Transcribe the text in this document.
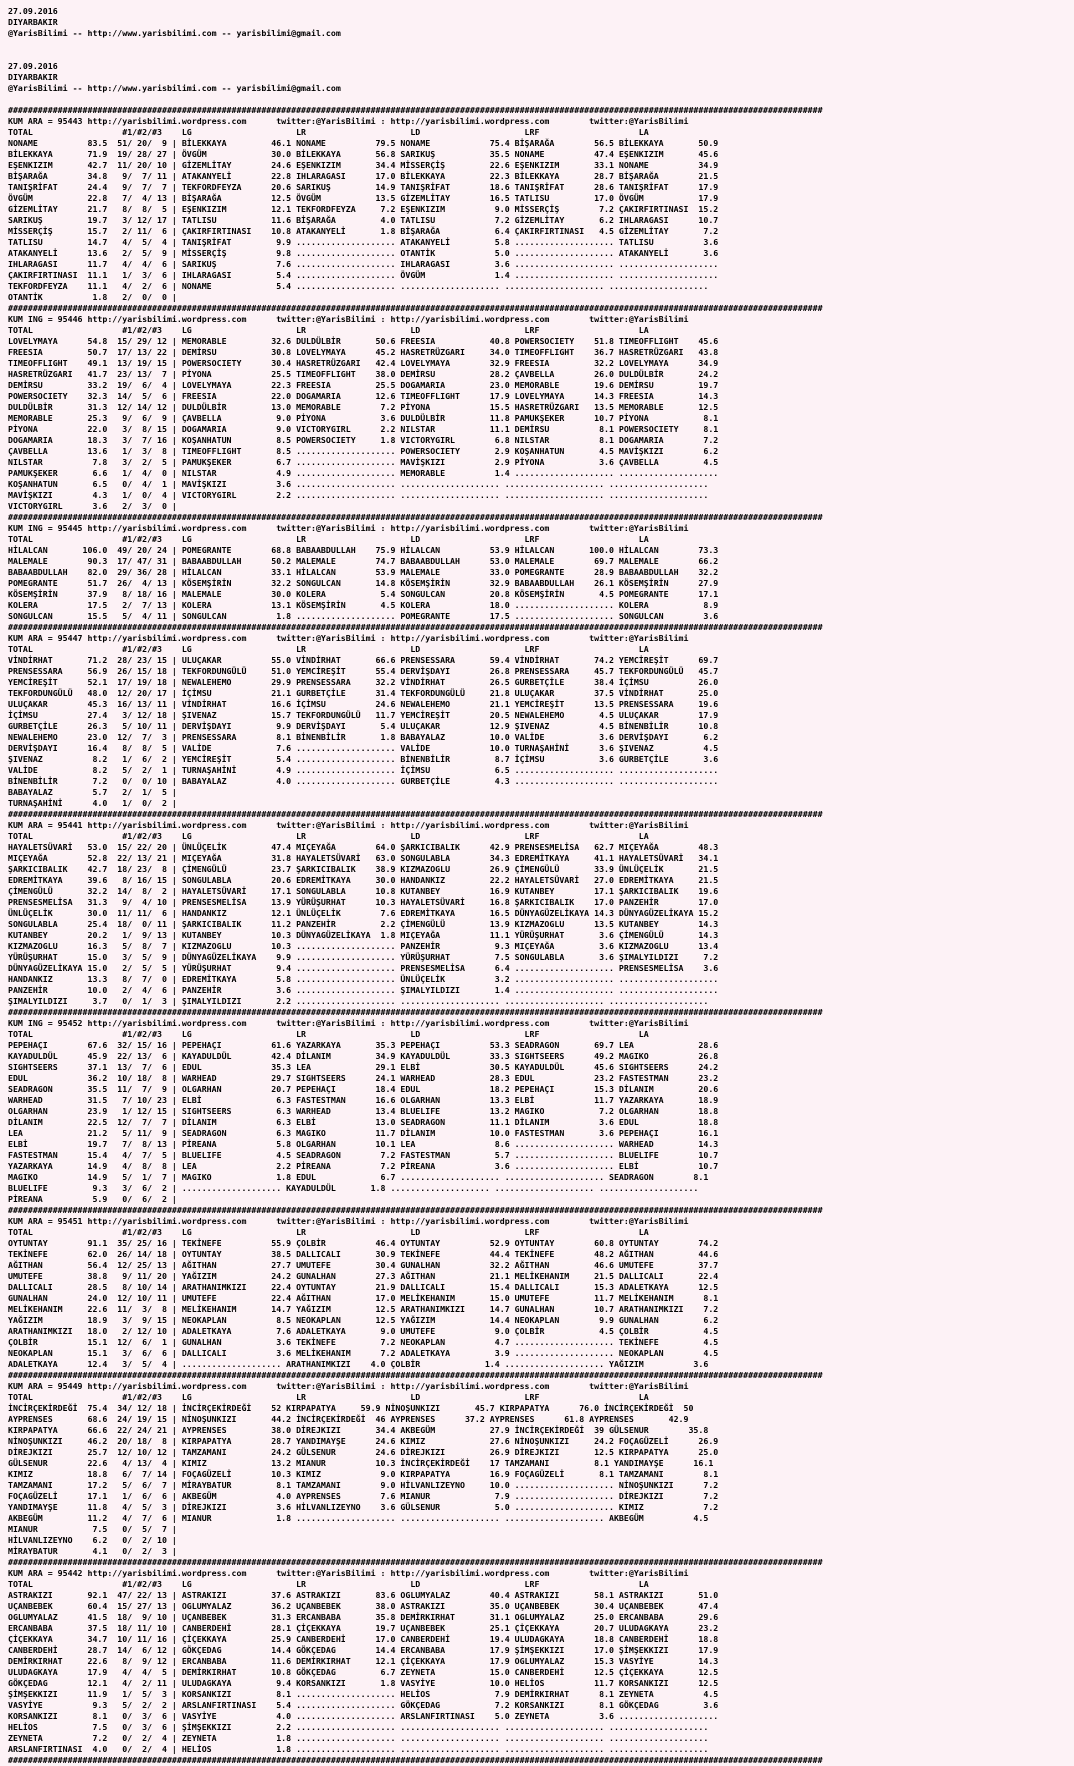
27.09.2016
DIYARBAKIR
@YarisBilimi -- http://www.yarisbilimi.com -- yarisbilimi@gmail.com

27.09.2016
DIYARBAKIR
@YarisBilimi -- http://www.yarisbilimi.com -- yarisbilimi@gmail.com

####################################################################################################################################################################
KUM ARA = 95443 http://yarisbilimi.wordpress.com      twitter:@YarisBilimi : http://yarisbilimi.wordpress.com        twitter:@YarisBilimi
TOTAL                  #1/#2/#3    LG                     LR                     LD                     LRF                    LA
NONAME          83.5  51/ 20/  9 | BİLEKKAYA         46.1 NONAME          79.5 NONAME            75.4 BİŞARAĞA        56.5 BİLEKKAYA       50.9
BİLEKKAYA       71.9  19/ 28/ 27 | ÖVGÜM             30.0 BİLEKKAYA       56.8 SARIKUŞ           35.5 NONAME          47.4 EŞENKIZIM       45.6
EŞENKIZIM       42.7  11/ 20/ 10 | GİZEMLİTAY        24.6 EŞENKIZIM       34.4 MİSSERÇİŞ         22.6 EŞENKIZIM       33.1 NONAME          34.9
BİŞARAĞA        34.8   9/  7/ 11 | ATAKANYELİ        22.8 IHLARAGASI      17.0 BİLEKKAYA         22.3 BİLEKKAYA       28.7 BİŞARAĞA        21.5
TANIŞRİFAT      24.4   9/  7/  7 | TEKFORDFEYZA      20.6 SARIKUŞ         14.9 TANIŞRİFAT        18.6 TANIŞRİFAT      28.6 TANIŞRİFAT      17.9
ÖVGÜM           22.8   7/  4/ 13 | BİŞARAĞA          12.5 ÖVGÜM           13.5 GİZEMLİTAY        16.5 TATLISU         17.0 ÖVGÜM           17.9
GİZEMLİTAY      21.7   8/  8/  5 | EŞENKIZIM         12.1 TEKFORDFEYZA     7.2 EŞENKIZIM          9.0 MİSSERÇİŞ        7.2 ÇAKIRFIRTINASI  15.2
SARIKUŞ         19.7   3/ 12/ 17 | TATLISU           11.6 BİŞARAĞA         4.0 TATLISU            7.2 GİZEMLİTAY       6.2 IHLARAGASI      10.7
MİSSERÇİŞ       15.7   2/ 11/  6 | ÇAKIRFIRTINASI    10.8 ATAKANYELİ       1.8 BİŞARAĞA           6.4 ÇAKIRFIRTINASI   4.5 GİZEMLİTAY       7.2
TATLISU         14.7   4/  5/  4 | TANIŞRİFAT         9.9 .................... ATAKANYELİ         5.8 .................... TATLISU          3.6
ATAKANYELİ      13.6   2/  5/  9 | MİSSERÇİŞ          9.8 .................... OTANTİK            5.0 .................... ATAKANYELİ       3.6
IHLARAGASI      11.7   4/  4/  6 | SARIKUŞ            7.6 .................... IHLARAGASI         3.6 .................... ....................
ÇAKIRFIRTINASI  11.1   1/  3/  6 | IHLARAGASI         5.4 .................... ÖVGÜM              1.4 .................... ....................
TEKFORDFEYZA    11.1   4/  2/  6 | NONAME             5.4 .................... .................... .................... ....................
OTANTİK          1.8   2/  0/  0 |
####################################################################################################################################################################
KUM ING = 95446 http://yarisbilimi.wordpress.com      twitter:@YarisBilimi : http://yarisbilimi.wordpress.com        twitter:@YarisBilimi
TOTAL                  #1/#2/#3    LG                     LR                     LD                     LRF                    LA
LOVELYMAYA      54.8  15/ 29/ 12 | MEMORABLE         32.6 DULDÜLBİR       50.6 FREESIA           40.8 POWERSOCIETY    51.8 TIMEOFFLIGHT    45.6
FREESIA         50.7  17/ 13/ 22 | DEMİRSU           30.8 LOVELYMAYA      45.2 HASRETRÜZGARI     34.0 TIMEOFFLIGHT    36.7 HASRETRÜZGARI   43.8
TIMEOFFLIGHT    49.1  13/ 19/ 15 | POWERSOCIETY      30.4 HASRETRÜZGARI   42.4 LOVELYMAYA        32.9 FREESIA         32.2 LOVELYMAYA      34.9
HASRETRÜZGARI   41.7  23/ 13/  7 | PİYONA            25.5 TIMEOFFLIGHT    38.0 DEMİRSU           28.2 ÇAVBELLA        26.0 DULDÜLBİR       24.2
DEMİRSU         33.2  19/  6/  4 | LOVELYMAYA        22.3 FREESIA         25.5 DOGAMARIA         23.0 MEMORABLE       19.6 DEMİRSU         19.7
POWERSOCIETY    32.3  14/  5/  6 | FREESIA           22.0 DOGAMARIA       12.6 TIMEOFFLIGHT      17.9 LOVELYMAYA      14.3 FREESIA         14.3
DULDÜLBİR       31.3  12/ 14/ 12 | DULDÜLBİR         13.0 MEMORABLE        7.2 PİYONA            15.5 HASRETRÜZGARI   13.5 MEMORABLE       12.5
MEMORABLE       25.3   9/  6/  9 | ÇAVBELLA           9.0 PİYONA           3.6 DULDÜLBİR         11.8 PAMUKŞEKER      10.7 PİYONA           8.1
PİYONA          22.0   3/  8/ 15 | DOGAMARIA          9.0 VICTORYGIRL      2.2 NILSTAR           11.1 DEMİRSU          8.1 POWERSOCIETY     8.1
DOGAMARIA       18.3   3/  7/ 16 | KOŞANHATUN         8.5 POWERSOCIETY     1.8 VICTORYGIRL        6.8 NILSTAR          8.1 DOGAMARIA        7.2
ÇAVBELLA        13.6   1/  3/  8 | TIMEOFFLIGHT       8.5 .................... POWERSOCIETY       2.9 KOŞANHATUN       4.5 MAVİŞKIZI        6.2
NILSTAR          7.8   3/  2/  5 | PAMUKŞEKER         6.7 .................... MAVİŞKIZI          2.9 PİYONA           3.6 ÇAVBELLA         4.5
PAMUKŞEKER       6.6   1/  4/  0 | NILSTAR            4.9 .................... MEMORABLE          1.4 .................... ....................
KOŞANHATUN       6.5   0/  4/  1 | MAVİŞKIZI          3.6 .................... .................... .................... ....................
MAVİŞKIZI        4.3   1/  0/  4 | VICTORYGIRL        2.2 .................... .................... .................... ....................
VICTORYGIRL      3.6   2/  3/  0 |
####################################################################################################################################################################
KUM ING = 95445 http://yarisbilimi.wordpress.com      twitter:@YarisBilimi : http://yarisbilimi.wordpress.com        twitter:@YarisBilimi
TOTAL                  #1/#2/#3    LG                     LR                     LD                     LRF                    LA
HİLALCAN       106.0  49/ 20/ 24 | POMEGRANTE        68.8 BABAABDULLAH    75.9 HİLALCAN          53.9 HİLALCAN       100.0 HİLALCAN        73.3
MALEMALE        90.3  17/ 47/ 31 | BABAABDULLAH      50.2 MALEMALE        74.7 BABAABDULLAH      53.0 MALEMALE        69.7 MALEMALE        66.2
BABAABDULLAH    82.0  29/ 36/ 28 | HİLALCAN          33.1 HİLALCAN        53.9 MALEMALE          33.0 POMEGRANTE      28.9 BABAABDULLAH    32.2
POMEGRANTE      51.7  26/  4/ 13 | KÖSEMŞİRİN        32.2 SONGULCAN       14.8 KÖSEMŞİRİN        32.9 BABAABDULLAH    26.1 KÖSEMŞİRİN      27.9
KÖSEMŞİRİN      37.9   8/ 18/ 16 | MALEMALE          30.0 KOLERA           5.4 SONGULCAN         20.8 KÖSEMŞİRİN       4.5 POMEGRANTE      17.1
KOLERA          17.5   2/  7/ 13 | KOLERA            13.1 KÖSEMŞİRİN       4.5 KOLERA            18.0 .................... KOLERA           8.9
SONGULCAN       15.5   5/  4/ 11 | SONGULCAN          1.8 .................... POMEGRANTE        17.5 .................... SONGULCAN        3.6
####################################################################################################################################################################
KUM ARA = 95447 http://yarisbilimi.wordpress.com      twitter:@YarisBilimi : http://yarisbilimi.wordpress.com        twitter:@YarisBilimi
TOTAL                  #1/#2/#3    LG                     LR                     LD                     LRF                    LA
VİNDİRHAT       71.2  28/ 23/ 15 | ULUÇAKAR          55.0 VİNDİRHAT       66.6 PRENSESSARA       59.4 VİNDİRHAT       74.2 YEMCİREŞİT      69.7
PRENSESSARA     56.9  26/ 15/ 18 | TEKFORDUNGÜLÜ     51.0 YEMCİREŞİT      55.4 DERVİŞDAYI        26.8 PRENSESSARA     45.7 TEKFORDUNGÜLÜ   45.7
YEMCİREŞİT      52.1  17/ 19/ 18 | NEWALEHEMO        29.9 PRENSESSARA     32.2 VİNDİRHAT         26.5 GURBETÇİLE      38.4 İÇİMSU          26.0
TEKFORDUNGÜLÜ   48.0  12/ 20/ 17 | İÇİMSU            21.1 GURBETÇİLE      31.4 TEKFORDUNGÜLÜ     21.8 ULUÇAKAR        37.5 VİNDİRHAT       25.0
ULUÇAKAR        45.3  16/ 13/ 11 | VİNDİRHAT         16.6 İÇİMSU          24.6 NEWALEHEMO        21.1 YEMCİREŞİT      13.5 PRENSESSARA     19.6
İÇİMSU          27.4   3/ 12/ 18 | ŞIVENAZ           15.7 TEKFORDUNGÜLÜ   11.7 YEMCİREŞİT        20.5 NEWALEHEMO       4.5 ULUÇAKAR        17.9
GURBETÇİLE      26.3   5/ 10/ 11 | DERVİŞDAYI         9.9 DERVİŞDAYI       5.4 ULUÇAKAR          12.9 ŞIVENAZ          4.5 BİNENBİLİR      10.8
NEWALEHEMO      23.0  12/  7/  3 | PRENSESSARA        8.1 BİNENBİLİR       1.8 BABAYALAZ         10.0 VALİDE           3.6 DERVİŞDAYI       6.2
DERVİŞDAYI      16.4   8/  8/  5 | VALİDE             7.6 .................... VALİDE            10.0 TURNAŞAHİNİ      3.6 ŞIVENAZ          4.5
ŞIVENAZ          8.2   1/  6/  2 | YEMCİREŞİT         5.4 .................... BİNENBİLİR         8.7 İÇİMSU           3.6 GURBETÇİLE       3.6
VALİDE           8.2   5/  2/  1 | TURNAŞAHİNİ        4.9 .................... İÇİMSU             6.5 .................... ....................
BİNENBİLİR       7.2   0/  0/ 10 | BABAYALAZ          4.0 .................... GURBETÇİLE         4.3 .................... ....................
BABAYALAZ        5.7   2/  1/  5 |
TURNAŞAHİNİ      4.0   1/  0/  2 |
####################################################################################################################################################################
KUM ARA = 95441 http://yarisbilimi.wordpress.com      twitter:@YarisBilimi : http://yarisbilimi.wordpress.com        twitter:@YarisBilimi
TOTAL                  #1/#2/#3    LG                     LR                     LD                     LRF                    LA
HAYALETSÜVARİ   53.0  15/ 22/ 20 | ÜNLÜÇELİK         47.4 MIÇEYAĞA        64.0 ŞARKICIBALIK      42.9 PRENSESMELİSA   62.7 MIÇEYAĞA        48.3
MIÇEYAĞA        52.8  22/ 13/ 21 | MIÇEYAĞA          31.8 HAYALETSÜVARİ   63.0 SONGULABLA        34.3 EDREMİTKAYA     41.1 HAYALETSÜVARİ   34.1
ŞARKICIBALIK    42.7  18/ 23/  8 | ÇİMENGÜLÜ         23.7 ŞARKICIBALIK    38.9 KIZMAZOGLU        26.9 ÇİMENGÜLÜ       33.9 ÜNLÜÇELİK       21.5
EDREMİTKAYA     39.6   8/ 16/ 15 | SONGULABLA        20.6 EDREMİTKAYA     30.0 HANDANKIZ         22.2 HAYALETSÜVARİ   27.0 EDREMİTKAYA     21.5
ÇİMENGÜLÜ       32.2  14/  8/  2 | HAYALETSÜVARİ     17.1 SONGULABLA      10.8 KUTANBEY          16.9 KUTANBEY        17.1 ŞARKICIBALIK    19.6
PRENSESMELİSA   31.3   9/  4/ 10 | PRENSESMELİSA     13.9 YÜRÜŞURHAT      10.3 HAYALETSÜVARİ     16.8 ŞARKICIBALIK    17.0 PANZEHİR        17.0
ÜNLÜÇELİK       30.0  11/ 11/  6 | HANDANKIZ         12.1 ÜNLÜÇELİK        7.6 EDREMİTKAYA       16.5 DÜNYAGÜZELİKAYA 14.3 DÜNYAGÜZELİKAYA 15.2
SONGULABLA      25.4  18/  0/ 11 | ŞARKICIBALIK      11.2 PANZEHİR         2.2 ÇİMENGÜLÜ         13.9 KIZMAZOGLU      13.5 KUTANBEY        14.3
KUTANBEY        20.2   1/  9/ 13 | KUTANBEY          10.3 DÜNYAGÜZELİKAYA  1.8 MIÇEYAĞA          11.1 YÜRÜŞURHAT       3.6 ÇİMENGÜLÜ       14.3
KIZMAZOGLU      16.3   5/  8/  7 | KIZMAZOGLU        10.3 .................... PANZEHİR           9.3 MIÇEYAĞA         3.6 KIZMAZOGLU      13.4
YÜRÜŞURHAT      15.0   3/  5/  9 | DÜNYAGÜZELİKAYA    9.9 .................... YÜRÜŞURHAT         7.5 SONGULABLA       3.6 ŞIMALYILDIZI     7.2
DÜNYAGÜZELİKAYA 15.0   2/  5/  5 | YÜRÜŞURHAT         9.4 .................... PRENSESMELİSA      6.4 .................... PRENSESMELİSA    3.6
HANDANKIZ       13.3   8/  7/  0 | EDREMİTKAYA        5.8 .................... ÜNLÜÇELİK          3.2 .................... ....................
PANZEHİR        10.0   2/  4/  6 | PANZEHİR           3.6 .................... ŞIMALYILDIZI       1.4 .................... ....................
ŞIMALYILDIZI     3.7   0/  1/  3 | ŞIMALYILDIZI       2.2 .................... .................... .................... ....................
####################################################################################################################################################################
KUM ING = 95452 http://yarisbilimi.wordpress.com      twitter:@YarisBilimi : http://yarisbilimi.wordpress.com        twitter:@YarisBilimi
TOTAL                  #1/#2/#3    LG                     LR                     LD                     LRF                    LA
PEPEHAÇI        67.6  32/ 15/ 16 | PEPEHAÇI          61.6 YAZARKAYA       35.3 PEPEHAÇI          53.3 SEADRAGON       69.7 LEA             28.6
KAYADULDÜL      45.9  22/ 13/  6 | KAYADULDÜL        42.4 DİLANIM         34.9 KAYADULDÜL        33.3 SIGHTSEERS      49.2 MAGIKO          26.8
SIGHTSEERS      37.1  13/  7/  6 | EDUL              35.3 LEA             29.1 ELBİ              30.5 KAYADULDÜL      45.6 SIGHTSEERS      24.2
EDUL            36.2  10/ 18/  8 | WARHEAD           29.7 SIGHTSEERS      24.1 WARHEAD           28.3 EDUL            23.2 FASTESTMAN      23.2
SEADRAGON       35.5  11/  7/  9 | OLGARHAN          20.7 PEPEHAÇI        18.4 EDUL              18.2 PEPEHAÇI        15.3 DİLANIM         20.6
WARHEAD         31.5   7/ 10/ 23 | ELBİ               6.3 FASTESTMAN      16.6 OLGARHAN          13.3 ELBİ            11.7 YAZARKAYA       18.9
OLGARHAN        23.9   1/ 12/ 15 | SIGHTSEERS         6.3 WARHEAD         13.4 BLUELIFE          13.2 MAGIKO           7.2 OLGARHAN        18.8
DİLANIM         22.5  12/  7/  7 | DİLANIM            6.3 ELBİ            13.0 SEADRAGON         11.1 DİLANIM          3.6 EDUL            18.8
LEA             21.2   5/ 11/  9 | SEADRAGON          6.3 MAGIKO          11.7 DİLANIM           10.0 FASTESTMAN       3.6 PEPEHAÇI        16.1
ELBİ            19.7   7/  8/ 13 | PİREANA            5.8 OLGARHAN        10.1 LEA                8.6 .................... WARHEAD         14.3
FASTESTMAN      15.4   4/  7/  5 | BLUELIFE           4.5 SEADRAGON        7.2 FASTESTMAN         5.7 .................... BLUELIFE        10.7
YAZARKAYA       14.9   4/  8/  8 | LEA                2.2 PİREANA          7.2 PİREANA            3.6 .................... ELBİ            10.7
MAGIKO          14.9   5/  1/  7 | MAGIKO             1.8 EDUL             6.7 .................... .................... SEADRAGON        8.1
BLUELIFE         9.3   3/  6/  2 | .................... KAYADULDÜL       1.8 .................... .................... ....................
PİREANA          5.9   0/  6/  2 |
####################################################################################################################################################################
KUM ARA = 95451 http://yarisbilimi.wordpress.com      twitter:@YarisBilimi : http://yarisbilimi.wordpress.com        twitter:@YarisBilimi
TOTAL                  #1/#2/#3    LG                     LR                     LD                     LRF                    LA
OYTUNTAY        91.1  35/ 25/ 16 | TEKİNEFE          55.9 ÇOLBİR          46.4 OYTUNTAY          52.9 OYTUNTAY        60.8 OYTUNTAY        74.2
TEKİNEFE        62.0  26/ 14/ 18 | OYTUNTAY          38.5 DALLICALI       30.9 TEKİNEFE          44.4 TEKİNEFE        48.2 AĞITHAN         44.6
AĞITHAN         56.4  12/ 25/ 13 | AĞITHAN           27.7 UMUTEFE         30.4 GUNALHAN          32.2 AĞITHAN         46.6 UMUTEFE         37.7
UMUTEFE         38.8   9/ 11/ 20 | YAĞIZIM           24.2 GUNALHAN        27.3 AĞITHAN           21.1 MELİKEHANIM     21.5 DALLICALI       22.4
DALLICALI       28.5   8/ 10/ 14 | ARATHANIMKIZI     22.4 OYTUNTAY        21.9 DALLICALI         15.4 DALLICALI       15.3 ADALETKAYA      12.5
GUNALHAN        24.0  12/ 10/ 11 | UMUTEFE           22.4 AĞITHAN         17.0 MELİKEHANIM       15.0 UMUTEFE         11.7 MELİKEHANIM      8.1
MELİKEHANIM     22.6  11/  3/  8 | MELİKEHANIM       14.7 YAĞIZIM         12.5 ARATHANIMKIZI     14.7 GUNALHAN        10.7 ARATHANIMKIZI    7.2
YAĞIZIM         18.9   3/  9/ 15 | NEOKAPLAN          8.5 NEOKAPLAN       12.5 YAĞIZIM           14.4 NEOKAPLAN        9.9 GUNALHAN         6.2
ARATHANIMKIZI   18.0   2/ 12/ 10 | ADALETKAYA         7.6 ADALETKAYA       9.0 UMUTEFE            9.0 ÇOLBİR           4.5 ÇOLBİR           4.5
ÇOLBİR          15.1  12/  6/  1 | GUNALHAN           3.6 TEKİNEFE         7.2 NEOKAPLAN          4.7 .................... TEKİNEFE         4.5
NEOKAPLAN       15.1   3/  6/  6 | DALLICALI          3.6 MELİKEHANIM      7.2 ADALETKAYA         3.9 .................... NEOKAPLAN        4.5
ADALETKAYA      12.4   3/  5/  4 | .................... ARATHANIMKIZI    4.0 ÇOLBİR             1.4 .................... YAĞIZIM          3.6
####################################################################################################################################################################
KUM ARA = 95449 http://yarisbilimi.wordpress.com      twitter:@YarisBilimi : http://yarisbilimi.wordpress.com        twitter:@YarisBilimi
TOTAL                  #1/#2/#3    LG                     LR                     LD                     LRF                    LA
İNCİRÇEKİRDEĞİ  75.4  34/ 12/ 18 | İNCİRÇEKİRDEĞİ    52 KIRPAPATYA     59.9 NİNOŞUNKIZI       45.7 KIRPAPATYA      76.0 İNCİRÇEKİRDEĞİ  50
AYPRENSES       68.6  24/ 19/ 15 | NİNOŞUNKIZI       44.2 İNCİRÇEKİRDEĞİ  46 AYPRENSES      37.2 AYPRENSES      61.8 AYPRENSES       42.9
KIRPAPATYA      66.6  22/ 24/ 21 | AYPRENSES         38.0 DİREJKIZI       34.4 AKBEGÜM           27.9 İNCİRÇEKİRDEĞİ  39 GÜLSENUR        35.8
NİNOŞUNKIZI     46.2  20/ 18/  8 | KIRPAPATYA        28.7 YANDIMAYŞE      24.6 KIMIZ             27.6 NİNOŞUNKIZI     24.2 FOÇAGÜZELİ      26.9
DİREJKIZI       25.7  12/ 10/ 12 | TAMZAMANI         24.2 GÜLSENUR        24.6 DİREJKIZI         26.9 DİREJKIZI       12.5 KIRPAPATYA      25.0
GÜLSENUR        22.6   4/ 13/  4 | KIMIZ             13.2 MIANUR          10.3 İNCİRÇEKİRDEĞİ    17 TAMZAMANI         8.1 YANDIMAYŞE      16.1
KIMIZ           18.8   6/  7/ 14 | FOÇAGÜZELİ        10.3 KIMIZ            9.0 KIRPAPATYA        16.9 FOÇAGÜZELİ       8.1 TAMZAMANI        8.1
TAMZAMANI       17.2   5/  6/  7 | MİRAYBATUR         8.1 TAMZAMANI        9.0 HİLVANLIZEYNO     10.0 .................... NİNOŞUNKIZI      7.2
FOÇAGÜZELİ      17.1   1/  6/  6 | AKBEGÜM            4.0 AYPRENSES        7.6 MIANUR             7.9 .................... DİREJKIZI        7.2
YANDIMAYŞE      11.8   4/  5/  3 | DİREJKIZI          3.6 HİLVANLIZEYNO    3.6 GÜLSENUR           5.0 .................... KIMIZ            7.2
AKBEGÜM         11.2   4/  7/  6 | MIANUR             1.8 .................... .................... .................... AKBEGÜM          4.5
MIANUR           7.5   0/  5/  7 |
HİLVANLIZEYNO    6.2   0/  2/ 10 |
MİRAYBATUR       4.1   0/  2/  3 |
####################################################################################################################################################################
KUM ARA = 95442 http://yarisbilimi.wordpress.com      twitter:@YarisBilimi : http://yarisbilimi.wordpress.com        twitter:@YarisBilimi
TOTAL                  #1/#2/#3    LG                     LR                     LD                     LRF                    LA
ASTRAKIZI       92.1  47/ 22/ 13 | ASTRAKIZI         37.6 ASTRAKIZI       83.6 OGLUMYALAZ        40.4 ASTRAKIZI       58.1 ASTRAKIZI       51.0
UÇANBEBEK       60.4  15/ 27/ 13 | OGLUMYALAZ        36.2 UÇANBEBEK       38.0 ASTRAKIZI         35.0 UÇANBEBEK       30.4 UÇANBEBEK       47.4
OGLUMYALAZ      41.5  18/  9/ 10 | UÇANBEBEK         31.3 ERCANBABA       35.8 DEMİRKIRHAT       31.1 OGLUMYALAZ      25.0 ERCANBABA       29.6
ERCANBABA       37.5  18/ 11/ 10 | CANBERDEHİ        28.1 ÇİÇEKKAYA       19.7 UÇANBEBEK         25.1 ÇİÇEKKAYA       20.7 ULUDAGKAYA      23.2
ÇİÇEKKAYA       34.7  10/ 11/ 16 | ÇİÇEKKAYA         25.9 CANBERDEHİ      17.0 CANBERDEHİ        19.4 ULUDAGKAYA      18.8 CANBERDEHİ      18.8
CANBERDEHİ      28.7  14/  6/ 12 | GÖKÇEDAG          14.4 GÖKÇEDAG        14.4 ERCANBABA         17.9 ŞİMŞEKKIZI      17.0 ŞİMŞEKKIZI      17.9
DEMİRKIRHAT     22.6   8/  9/ 12 | ERCANBABA         11.6 DEMİRKIRHAT     12.1 ÇİÇEKKAYA         17.9 OGLUMYALAZ      15.3 VASYİYE         14.3
ULUDAGKAYA      17.9   4/  4/  5 | DEMİRKIRHAT       10.8 GÖKÇEDAG         6.7 ZEYNETA           15.0 CANBERDEHİ      12.5 ÇİÇEKKAYA       12.5
GÖKÇEDAG        12.1   4/  2/ 11 | ULUDAGKAYA         9.4 KORSANKIZI       1.8 VASYİYE           10.0 HELİOS          11.7 KORSANKIZI      12.5
ŞİMŞEKKIZI      11.9   1/  5/  3 | KORSANKIZI         8.1 .................... HELİOS             7.9 DEMİRKIRHAT      8.1 ZEYNETA          4.5
VASYİYE          9.3   5/  2/  2 | ARSLANFIRTINASI    5.4 .................... GÖKÇEDAG           7.2 KORSANKIZI       8.1 GÖKÇEDAG         3.6
KORSANKIZI       8.1   0/  3/  6 | VASYİYE            4.0 .................... ARSLANFIRTINASI    5.0 ZEYNETA          3.6 ....................
HELİOS           7.5   0/  3/  6 | ŞİMŞEKKIZI         2.2 .................... .................... .................... ....................
ZEYNETA          7.2   0/  2/  4 | ZEYNETA            1.8 .................... .................... .................... ....................
ARSLANFIRTINASI  4.0   0/  2/  4 | HELİOS             1.8 .................... .................... .................... ....................
####################################################################################################################################################################
